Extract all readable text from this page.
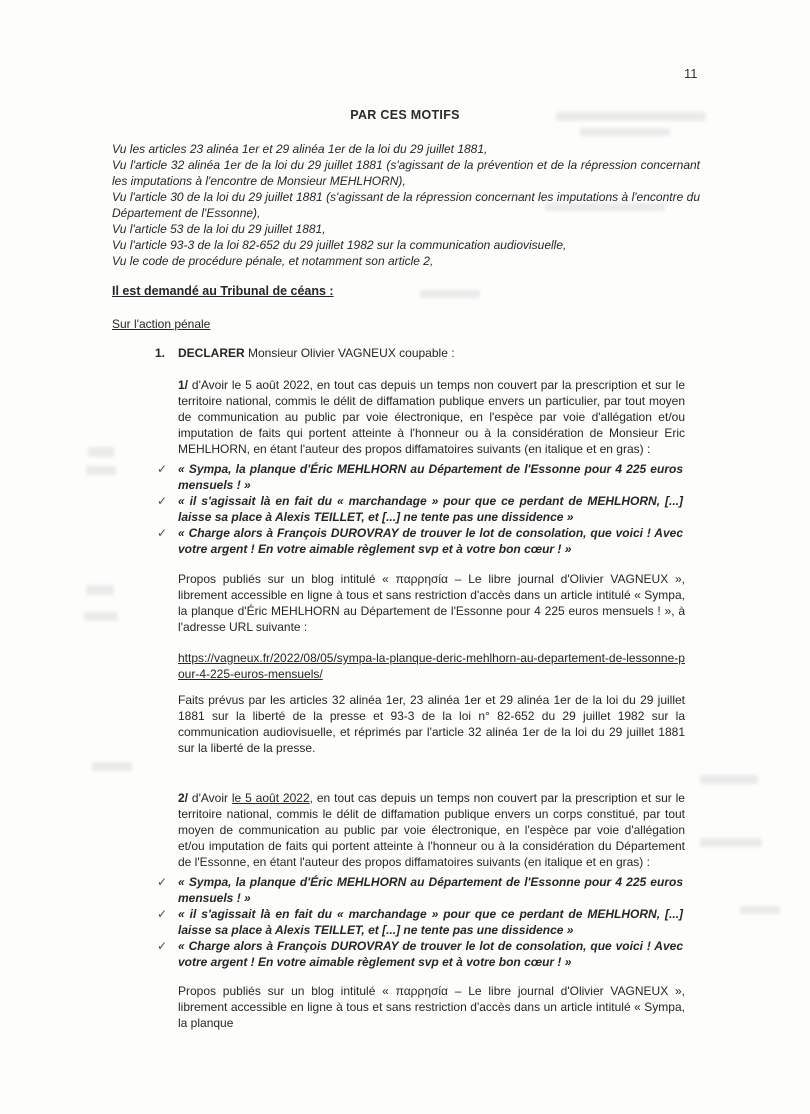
11
PAR CES MOTIFS

Vu les articles 23 alinéa 1er et 29 alinéa 1er de la loi du 29 juillet 1881,

Vu l'article 32 alinéa 1er de la loi du 29 juillet 1881 (s'agissant de la prévention et de la répression concernant les imputations à l'encontre de Monsieur MEHLHORN),

Vu l'article 30 de la loi du 29 juillet 1881 (s'agissant de la répression concernant les imputations à l'encontre du Département de l'Essonne),

Vu l'article 53 de la loi du 29 juillet 1881,

Vu l'article 93-3 de la loi 82-652 du 29 juillet 1982 sur la communication audiovisuelle,

Vu le code de procédure pénale, et notamment son article 2,

Il est demandé au Tribunal de céans :

Sur l'action pénale

1.	DECLARER Monsieur Olivier VAGNEUX coupable :

1/ d'Avoir le 5 août 2022, en tout cas depuis un temps non couvert par la prescription et sur le territoire national, commis le délit de diffamation publique envers un particulier, par tout moyen de communication au public par voie électronique, en l'espèce par voie d'allégation et/ou imputation de faits qui portent atteinte à l'honneur ou à la considération de Monsieur Eric MEHLHORN, en étant l'auteur des propos diffamatoires suivants (en italique et en gras) :

✓ « Sympa, la planque d'Éric MEHLHORN au Département de l'Essonne pour 4 225 euros mensuels ! »
✓ « il s'agissait là en fait du « marchandage » pour que ce perdant de MEHLHORN, [...] laisse sa place à Alexis TEILLET, et [...] ne tente pas une dissidence »
✓ « Charge alors à François DUROVRAY de trouver le lot de consolation, que voici ! Avec votre argent ! En votre aimable règlement svp et à votre bon cœur ! »

Propos publiés sur un blog intitulé « παρρησία – Le libre journal d'Olivier VAGNEUX », librement accessible en ligne à tous et sans restriction d'accès dans un article intitulé « Sympa, la planque d'Éric MEHLHORN au Département de l'Essonne pour 4 225 euros mensuels ! », à l'adresse URL suivante :

https://vagneux.fr/2022/08/05/sympa-la-planque-deric-mehlhorn-au-departement-de-lessonne-pour-4-225-euros-mensuels/

Faits prévus par les articles 32 alinéa 1er, 23 alinéa 1er et 29 alinéa 1er de la loi du 29 juillet 1881 sur la liberté de la presse et 93-3 de la loi n° 82-652 du 29 juillet 1982 sur la communication audiovisuelle, et réprimés par l'article 32 alinéa 1er de la loi du 29 juillet 1881 sur la liberté de la presse.

2/ d'Avoir le 5 août 2022, en tout cas depuis un temps non couvert par la prescription et sur le territoire national, commis le délit de diffamation publique envers un corps constitué, par tout moyen de communication au public par voie électronique, en l'espèce par voie d'allégation et/ou imputation de faits qui portent atteinte à l'honneur ou à la considération du Département de l'Essonne, en étant l'auteur des propos diffamatoires suivants (en italique et en gras) :

✓ « Sympa, la planque d'Éric MEHLHORN au Département de l'Essonne pour 4 225 euros mensuels ! »
✓ « il s'agissait là en fait du « marchandage » pour que ce perdant de MEHLHORN, [...] laisse sa place à Alexis TEILLET, et [...] ne tente pas une dissidence »
✓ « Charge alors à François DUROVRAY de trouver le lot de consolation, que voici ! Avec votre argent ! En votre aimable règlement svp et à votre bon cœur ! »

Propos publiés sur un blog intitulé « παρρησία – Le libre journal d'Olivier VAGNEUX », librement accessible en ligne à tous et sans restriction d'accès dans un article intitulé « Sympa, la planque
